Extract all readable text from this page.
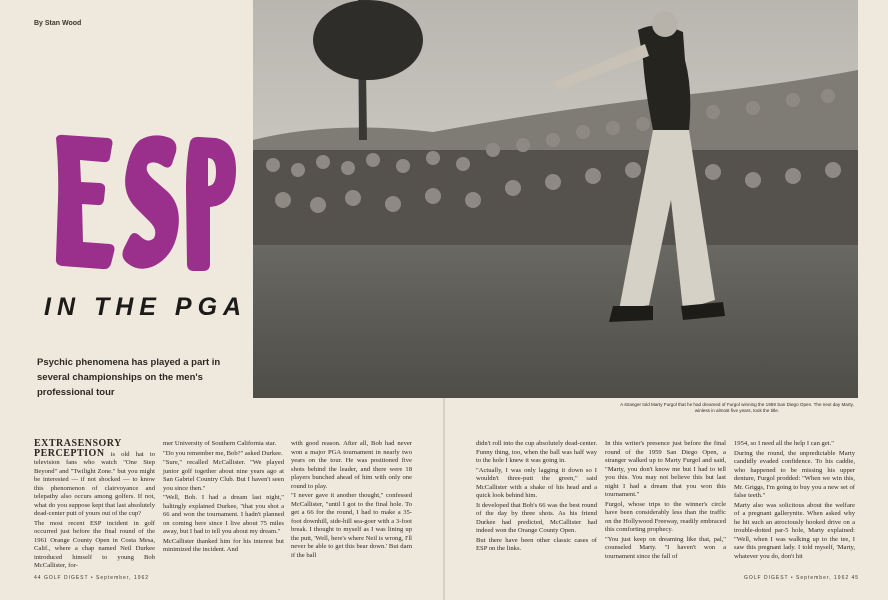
By Stan Wood
IN THE PGA
Psychic phenomena has played a part in several championships on the men's professional tour
A stranger told Marty Furgol that he had dreamed of Furgol winning the 1959 San Diego Open. The next day Marty, winless in almost five years, took the title.

EXTRASENSORY PERCEPTION is old hat to television fans who watch "One Step Beyond" and "Twilight Zone." but you might be interested — if not shocked — to know this phenomenon of clairvoyance and telepathy also occurs among golfers. If not, what do you suppose kept that last absolutely dead-center putt of yours out of the cup?

The most recent ESP incident in golf occurred just before the final round of the 1961 Orange County Open in Costa Mesa, Calif., where a chap named Neil Durkee introduced himself to young Bob McCallister, for-

mer University of Southern California star.

"Do you remember me, Bob?" asked Durkee.

"Sure," recalled McCallister. "We played junior golf together about nine years ago at San Gabriel Country Club. But I haven't seen you since then."

"Well, Bob. I had a dream last night," haltingly explained Durkee, "that you shot a 66 and won the tournament. I hadn't planned on coming here since I live about 75 miles away, but I had to tell you about my dream."

McCallister thanked him for his interest but minimized the incident. And

with good reason. After all, Bob had never won a major PGA tournament in nearly two years on the tour. He was positioned five shots behind the leader, and there were 18 players bunched ahead of him with only one round to play.

"I never gave it another thought," confessed McCallister, "until I got to the final hole. To get a 66 for the round, I had to make a 35-foot downhill, side-hill sea-goer with a 3-foot break. I thought to myself as I was lining up the putt, 'Well, here's where Neil is wrong, I'll never be able to get this bear down.' But darn if the ball

didn't roll into the cup absolutely dead-center. Funny thing, too, when the ball was half way to the hole I knew it was going in.

"Actually, I was only lagging it down so I wouldn't three-putt the green," said McCallister with a shake of his head and a quick look behind him.

It developed that Bob's 66 was the best round of the day by three shots. As his friend Durkee had predicted, McCallister had indeed won the Orange County Open.

But there have been other classic cases of ESP on the links.

In this writer's presence just before the final round of the 1959 San Diego Open, a stranger walked up to Marty Furgol and said, "Marty, you don't know me but I had to tell you this. You may not believe this but last night I had a dream that you won this tournament."

Furgol, whose trips to the winner's circle have been considerably less than the traffic on the Hollywood Freeway, readily embraced this comforting prophecy.

"You just keep on dreaming like that, pal," counseled Marty. "I haven't won a tournament since the fall of

1954, so I need all the help I can get."

During the round, the unpredictable Marty candidly evaded confidence. To his caddie, who happened to be missing his upper denture, Furgol prodded: "When we win this, Mr. Griggs, I'm going to buy you a new set of false teeth."

Marty also was solicitous about the welfare of a pregnant gallerynite. When asked why he hit such an atrociously hooked drive on a trouble-dotted par-5 hole, Marty explained: "Well, when I was walking up to the tee, I saw this pregnant lady. I told myself, 'Marty, whatever you do, don't hit

44 GOLF DIGEST • September, 1962	GOLF DIGEST • September, 1962 45
